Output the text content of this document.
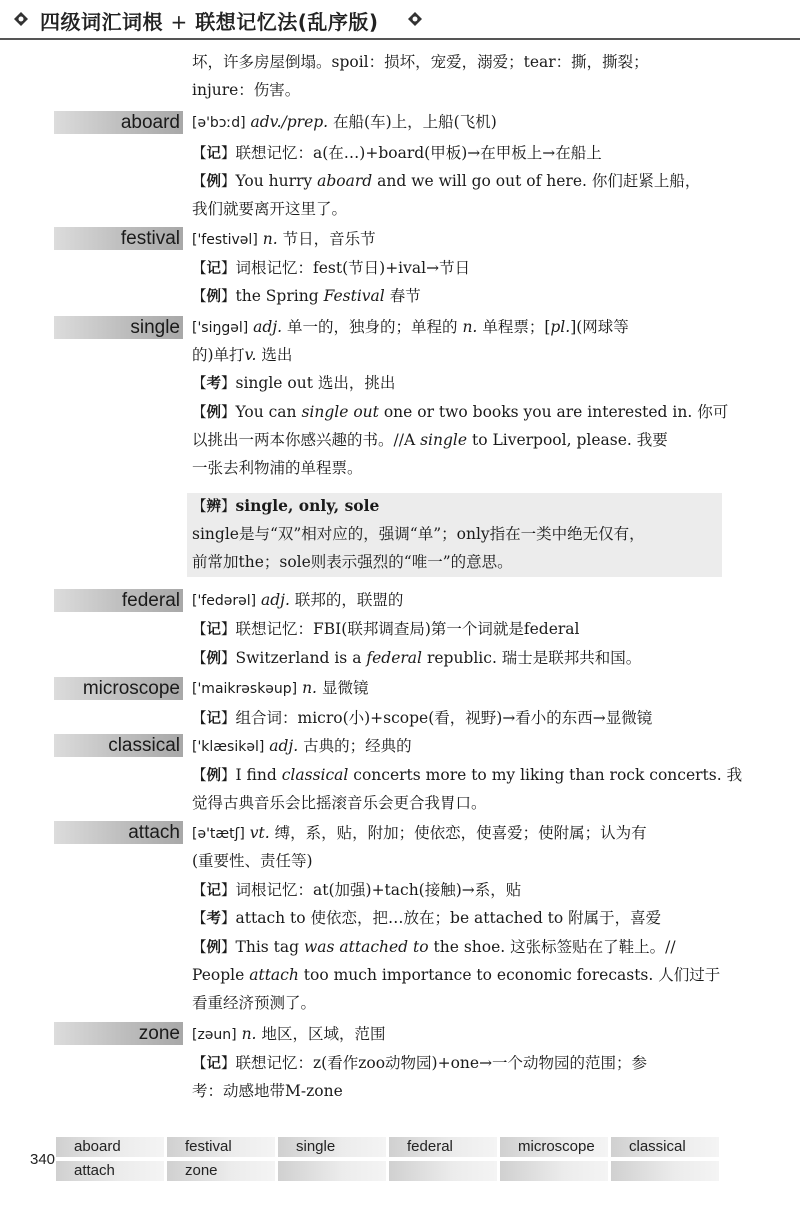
四级词汇词根 + 联想记忆法(乱序版)
坏，许多房屋倒塌。spoil：损坏，宠爱，溺爱；tear：撕，撕裂；
injure：伤害。
aboard [ə'bɔːd] adv./prep. 在船(车)上，上船(飞机)
【记】联想记忆：a(在…)+board(甲板)→在甲板上→在船上
【例】You hurry aboard and we will go out of here. 你们赶紧上船，
我们就要离开这里了。
festival ['festivəl] n. 节日，音乐节
【记】词根记忆：fest(节日)+ival→节日
【例】the Spring Festival 春节
single ['siŋgəl] adj. 单一的，独身的；单程的 n. 单程票；[pl.](网球等
的)单打v. 选出
【考】single out 选出，挑出
【例】You can single out one or two books you are interested in. 你可
以挑出一两本你感兴趣的书。//A single to Liverpool, please. 我要
一张去利物浦的单程票。
【辨】single, only, sole
single是与“双”相对应的，强调“单”；only指在一类中绝无仅有，
前常加the；sole则表示强烈的“唯一”的意思。
federal ['fedərəl] adj. 联邦的，联盟的
【记】联想记忆：FBI(联邦调查局)第一个词就是federal
【例】Switzerland is a federal republic. 瑞士是联邦共和国。
microscope ['maikrəskəup] n. 显微镜
【记】组合词：micro(小)+scope(看，视野)→看小的东西→显微镜
classical ['klæsikəl] adj. 古典的；经典的
【例】I find classical concerts more to my liking than rock concerts. 我
觉得古典音乐会比摇滚音乐会更合我胃口。
attach [ə'tætʃ] vt. 缚，系，贴，附加；使依恋，使喜爱；使附属；认为有
(重要性、责任等)
【记】词根记忆：at(加强)+tach(接触)→系，贴
【考】attach to 使依恋，把…放在；be attached to 附属于，喜爱
【例】This tag was attached to the shoe. 这张标签贴在了鞋上。//
People attach too much importance to economic forecasts. 人们过于
看重经济预测了。
zone [zəun] n. 地区，区域，范围
【记】联想记忆：z(看作zoo动物园)+one→一个动物园的范围；参
考：动感地带M-zone
340
aboard	festival	single	federal	microscope	classical
attach	zone
